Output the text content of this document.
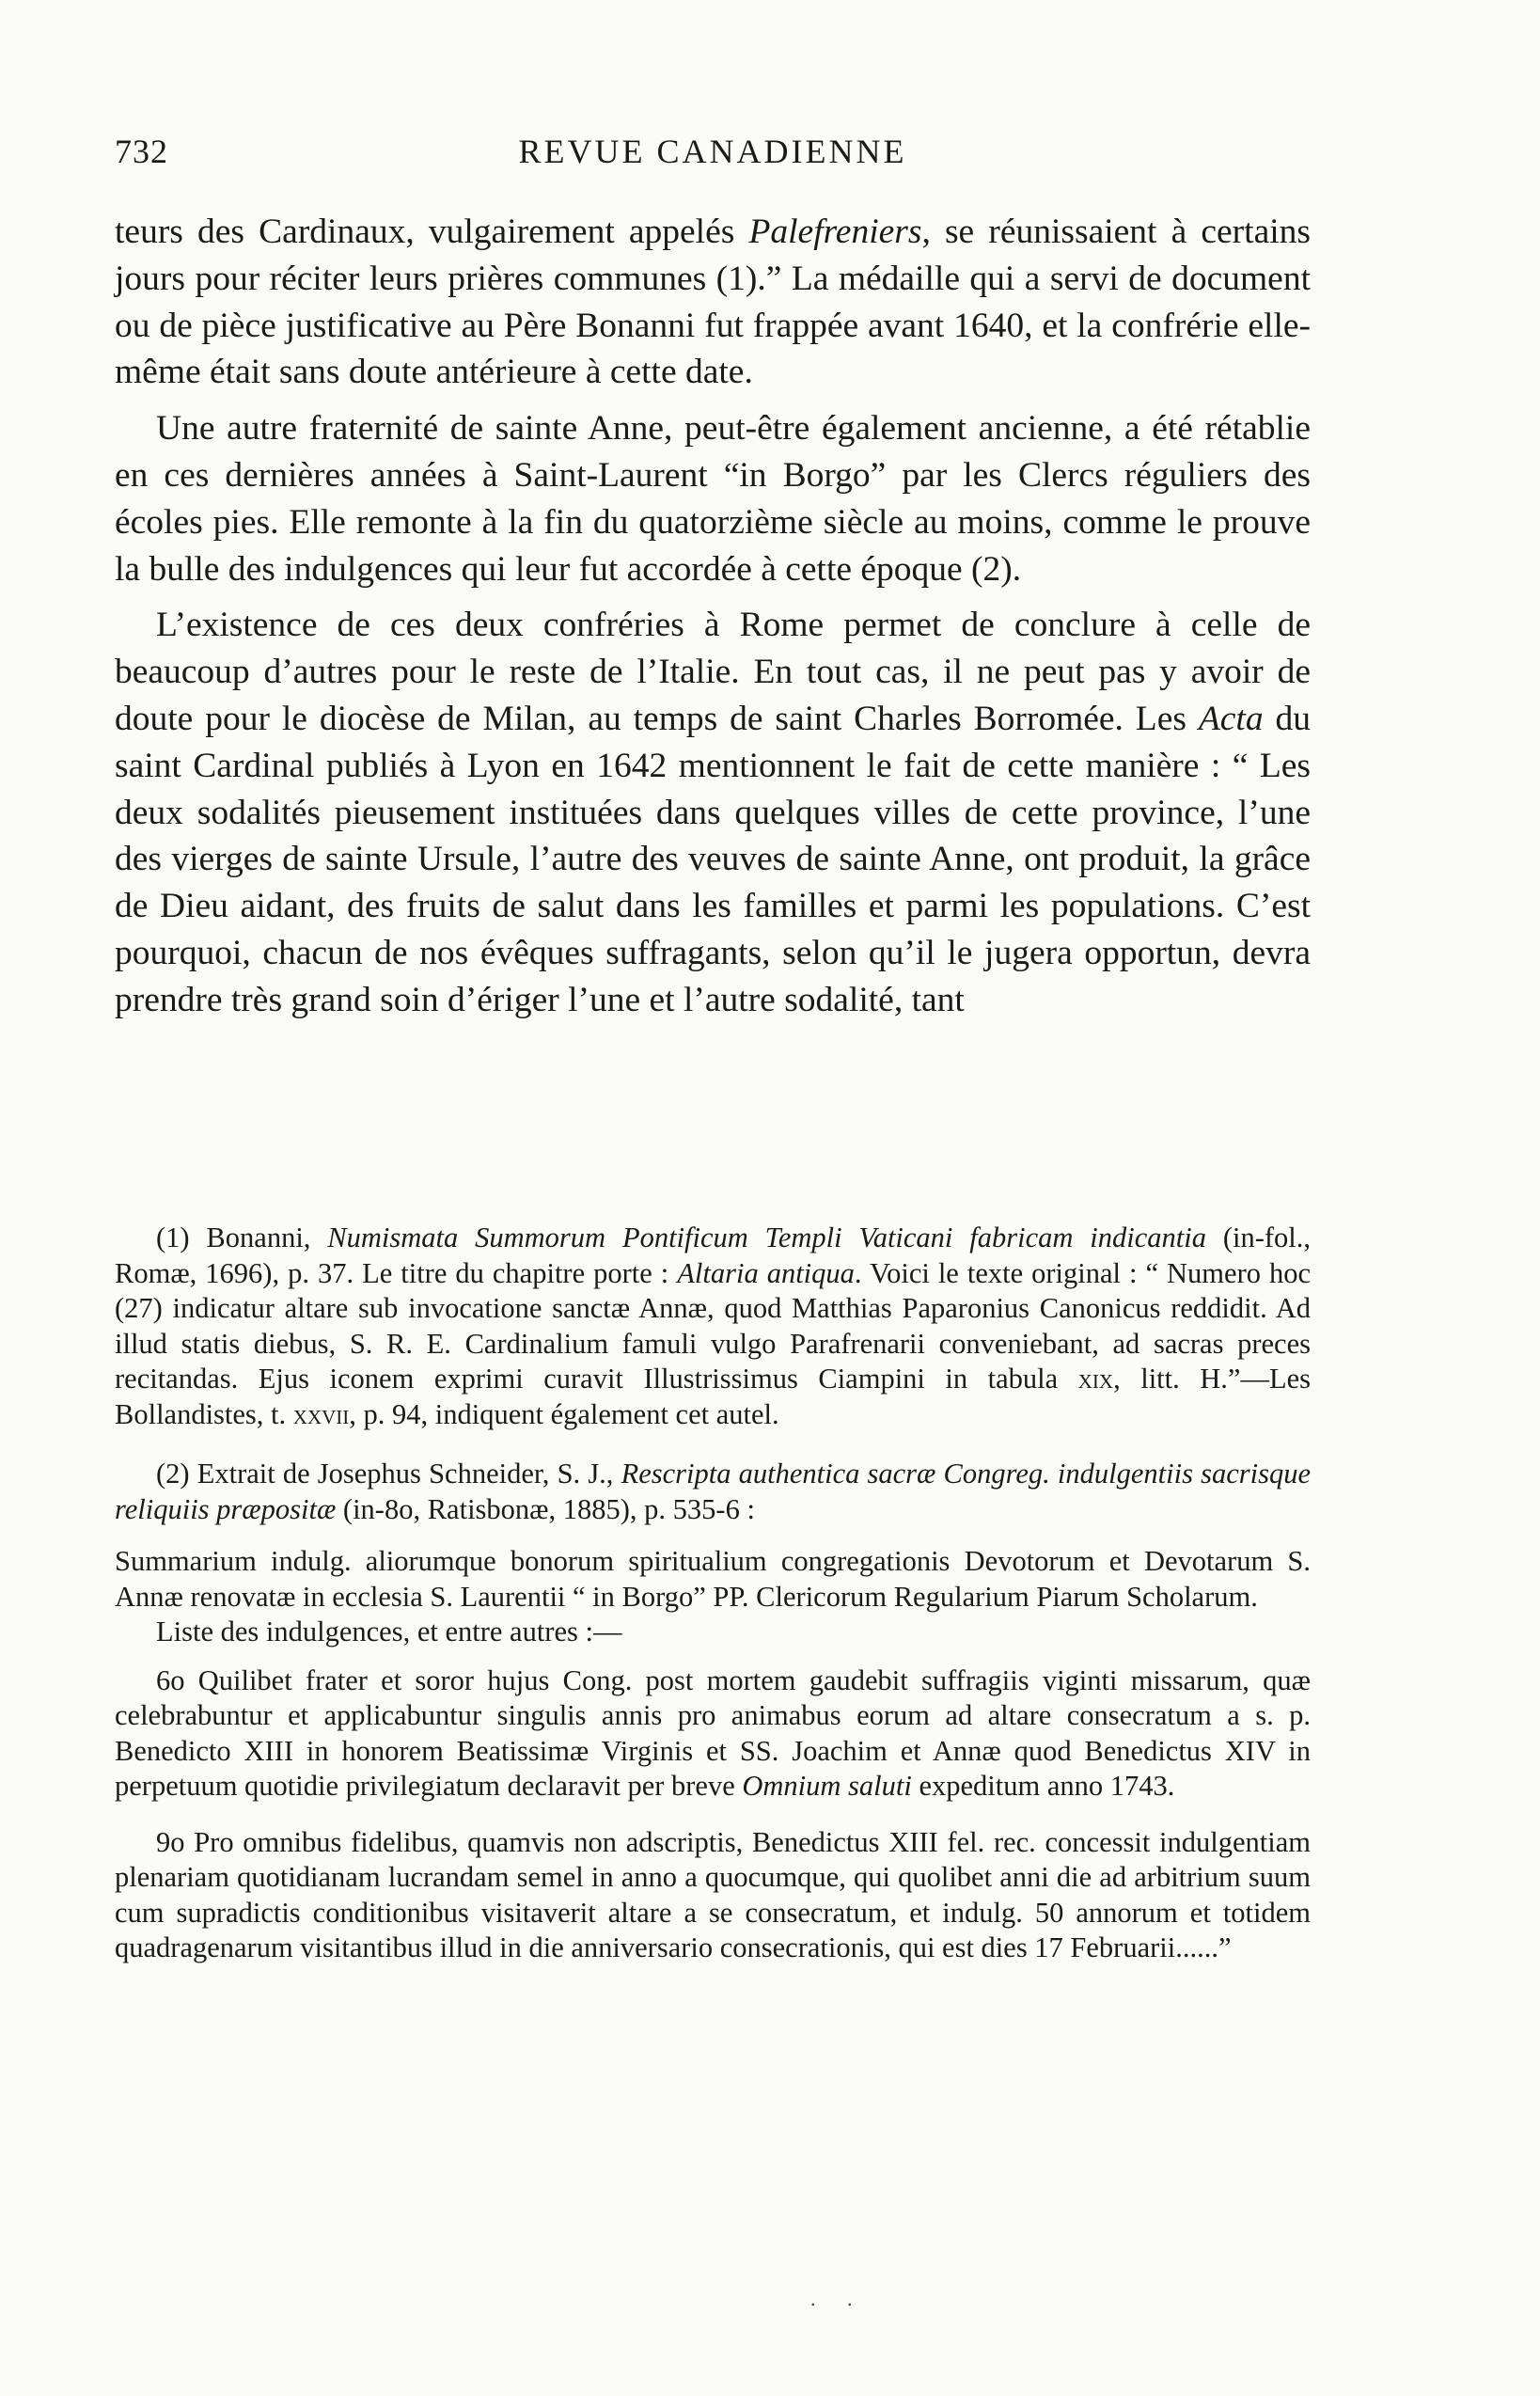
732	REVUE CANADIENNE

teurs des Cardinaux, vulgairement appelés Palefreniers, se réunissaient à certains jours pour réciter leurs prières communes (1).” La médaille qui a servi de document ou de pièce justificative au Père Bonanni fut frappée avant 1640, et la confrérie elle-même était sans doute antérieure à cette date.

Une autre fraternité de sainte Anne, peut-être également ancienne, a été rétablie en ces dernières années à Saint-Laurent “in Borgo” par les Clercs réguliers des écoles pies. Elle remonte à la fin du quatorzième siècle au moins, comme le prouve la bulle des indulgences qui leur fut accordée à cette époque (2).

L’existence de ces deux confréries à Rome permet de conclure à celle de beaucoup d’autres pour le reste de l’Italie. En tout cas, il ne peut pas y avoir de doute pour le diocèse de Milan, au temps de saint Charles Borromée. Les Acta du saint Cardinal publiés à Lyon en 1642 mentionnent le fait de cette manière : “ Les deux sodalités pieusement instituées dans quelques villes de cette province, l’une des vierges de sainte Ursule, l’autre des veuves de sainte Anne, ont produit, la grâce de Dieu aidant, des fruits de salut dans les familles et parmi les populations. C’est pourquoi, chacun de nos évêques suffragants, selon qu’il le jugera opportun, devra prendre très grand soin d’ériger l’une et l’autre sodalité, tant

(1) Bonanni, Numismata Summorum Pontificum Templi Vaticani fabricam indicantia (in-fol., Romæ, 1696), p. 37. Le titre du chapitre porte : Altaria antiqua. Voici le texte original : “ Numero hoc (27) indicatur altare sub invocatione sanctæ Annæ, quod Matthias Paparonius Canonicus reddidit. Ad illud statis diebus, S. R. E. Cardinalium famuli vulgo Parafrenarii conveniebant, ad sacras preces recitandas. Ejus iconem exprimi curavit Illustrissimus Ciampini in tabula xix, litt. H.”—Les Bollandistes, t. xxvii, p. 94, indiquent également cet autel.

(2) Extrait de Josephus Schneider, S. J., Rescripta authentica sacræ Congreg. indulgentiis sacrisque reliquiis præpositæ (in-8o, Ratisbonæ, 1885), p. 535-6 :

Summarium indulg. aliorumque bonorum spiritualium congregationis Devotorum et Devotarum S. Annæ renovatæ in ecclesia S. Laurentii “ in Borgo” PP. Clericorum Regularium Piarum Scholarum.

Liste des indulgences, et entre autres :—

6o Quilibet frater et soror hujus Cong. post mortem gaudebit suffragiis viginti missarum, quæ celebrabuntur et applicabuntur singulis annis pro animabus eorum ad altare consecratum a s. p. Benedicto XIII in honorem Beatissimæ Virginis et SS. Joachim et Annæ quod Benedictus XIV in perpetuum quotidie privilegiatum declaravit per breve Omnium saluti expeditum anno 1743.

9o Pro omnibus fidelibus, quamvis non adscriptis, Benedictus XIII fel. rec. concessit indulgentiam plenariam quotidianam lucrandam semel in anno a quocumque, qui quolibet anni die ad arbitrium suum cum supradictis conditionibus visitaverit altare a se consecratum, et indulg. 50 annorum et totidem quadragenarum visitantibus illud in die anniversario consecrationis, qui est dies 17 Februarii......”

. .
